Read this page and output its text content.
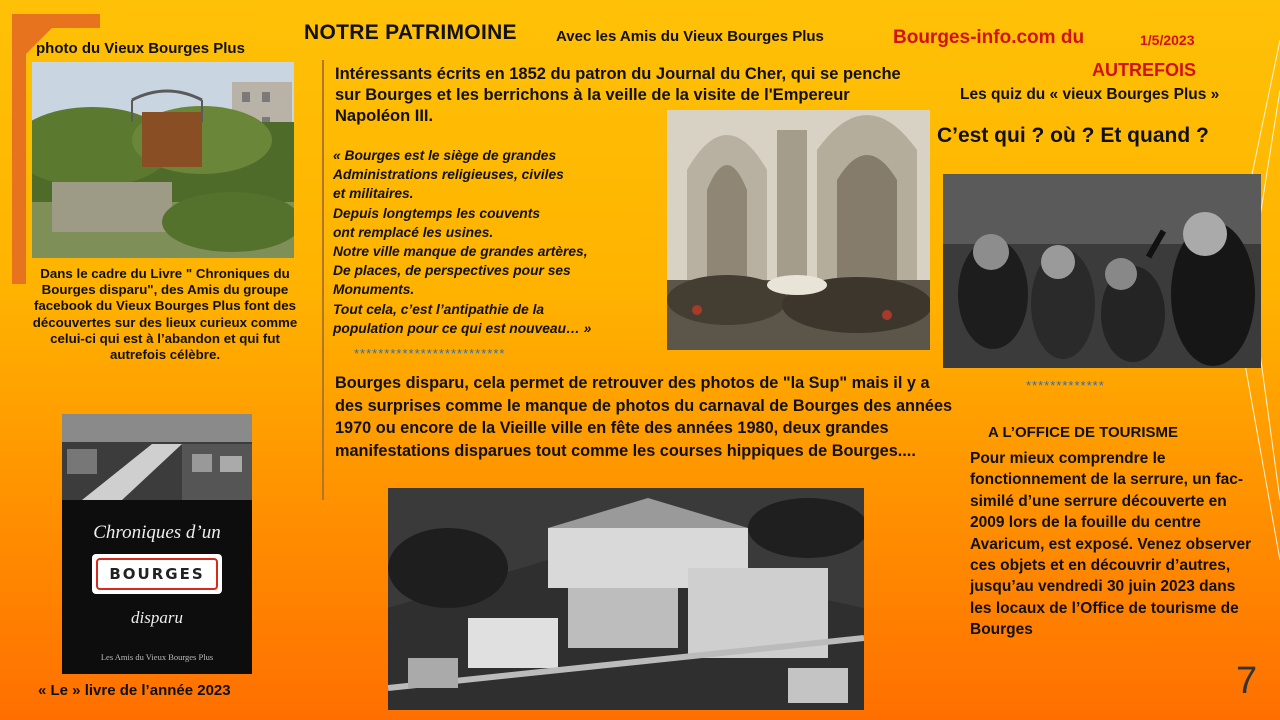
photo du Vieux Bourges Plus
Dans le cadre du Livre " Chroniques du Bourges disparu", des Amis du groupe facebook du Vieux Bourges Plus font des découvertes sur des lieux curieux comme celui-ci qui est à l’abandon et qui fut autrefois célèbre.
Chroniques d’un
BOURGES
disparu
Les Amis du Vieux Bourges Plus
« Le » livre de l’année 2023
NOTRE PATRIMOINE	Avec les Amis du Vieux Bourges Plus	Bourges-info.com du	1/5/2023
AUTREFOIS
Les quiz du « vieux Bourges Plus »
C’est qui ? où ? Et quand ?
Intéressants écrits en 1852 du patron du Journal du Cher, qui se penche sur Bourges et les berrichons à la veille de la visite de l'Empereur Napoléon III.
« Bourges est le siège de grandes
Administrations religieuses, civiles
et militaires.
Depuis longtemps les couvents
ont remplacé les usines.
Notre ville manque de grandes artères,
De places, de perspectives pour ses
Monuments.
Tout cela, c’est l’antipathie de la
population pour ce qui est nouveau… »
*************************
Bourges disparu, cela permet de retrouver des photos de "la Sup" mais il y a des surprises comme le manque de photos du carnaval de Bourges des années 1970 ou encore de la Vieille ville en fête des années 1980, deux grandes manifestations disparues tout comme les courses hippiques de Bourges....
*************
A L’OFFICE DE TOURISME
Pour mieux comprendre le fonctionnement de la serrure, un fac-similé d’une serrure découverte en 2009 lors de la fouille du centre Avaricum, est exposé. Venez observer ces objets et en découvrir d’autres, jusqu’au vendredi 30 juin 2023 dans les locaux de l’Office de tourisme de Bourges
7
